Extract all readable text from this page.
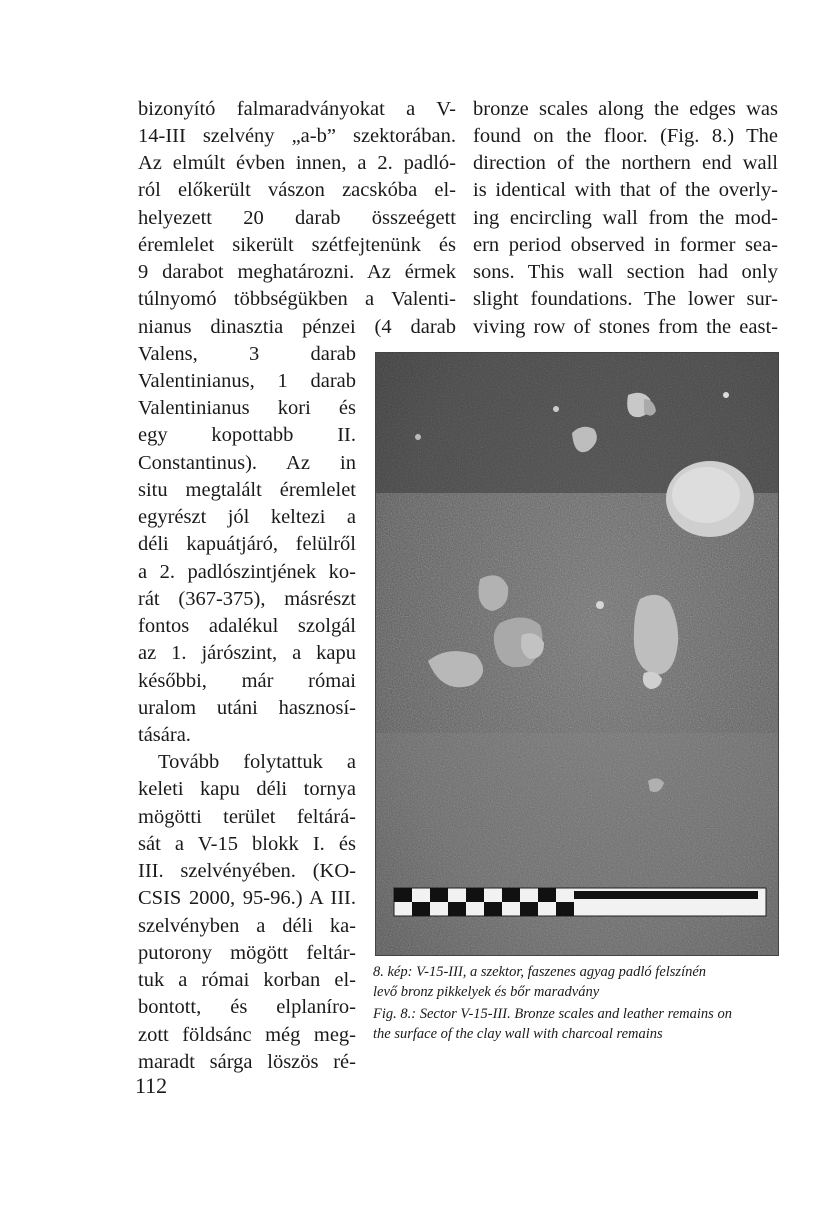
bizonyító falmaradványokat a V-
14-III szelvény „a-b” szektorában.
Az elmúlt évben innen, a 2. padló-
ról előkerült vászon zacskóba el-
helyezett 20 darab összeégett
éremlelet sikerült szétfejtenünk és
9 darabot meghatározni. Az érmek
túlnyomó többségükben a Valenti-
nianus dinasztia pénzei (4 darab
Valens, 3 darab
Valentinianus, 1 darab
Valentinianus kori és
egy kopottabb II.
Constantinus). Az in
situ megtalált éremlelet
egyrészt jól keltezi a
déli kapuátjáró, felülről
a 2. padlószintjének ko-
rát (367-375), másrészt
fontos adalékul szolgál
az 1. járószint, a kapu
későbbi, már római
uralom utáni hasznosí-
tására.
Tovább folytattuk a
keleti kapu déli tornya
mögötti terület feltárá-
sát a V-15 blokk I. és
III. szelvényében. (KO-
CSIS 2000, 95-96.) A III.
szelvényben a déli ka-
putorony mögött feltár-
tuk a római korban el-
bontott, és elplaníro-
zott földsánc még meg-
maradt sárga löszös ré-
bronze scales along the edges was
found on the floor. (Fig. 8.) The
direction of the northern end wall
is identical with that of the overly-
ing encircling wall from the mod-
ern period observed in former sea-
sons. This wall section had only
slight foundations. The lower sur-
viving row of stones from the east-
8. kép: V-15-III, a szektor, faszenes agyag padló felszínén
levő bronz pikkelyek és bőr maradvány
Fig. 8.: Sector V-15-III. Bronze scales and leather remains on
the surface of the clay wall with charcoal remains
112
